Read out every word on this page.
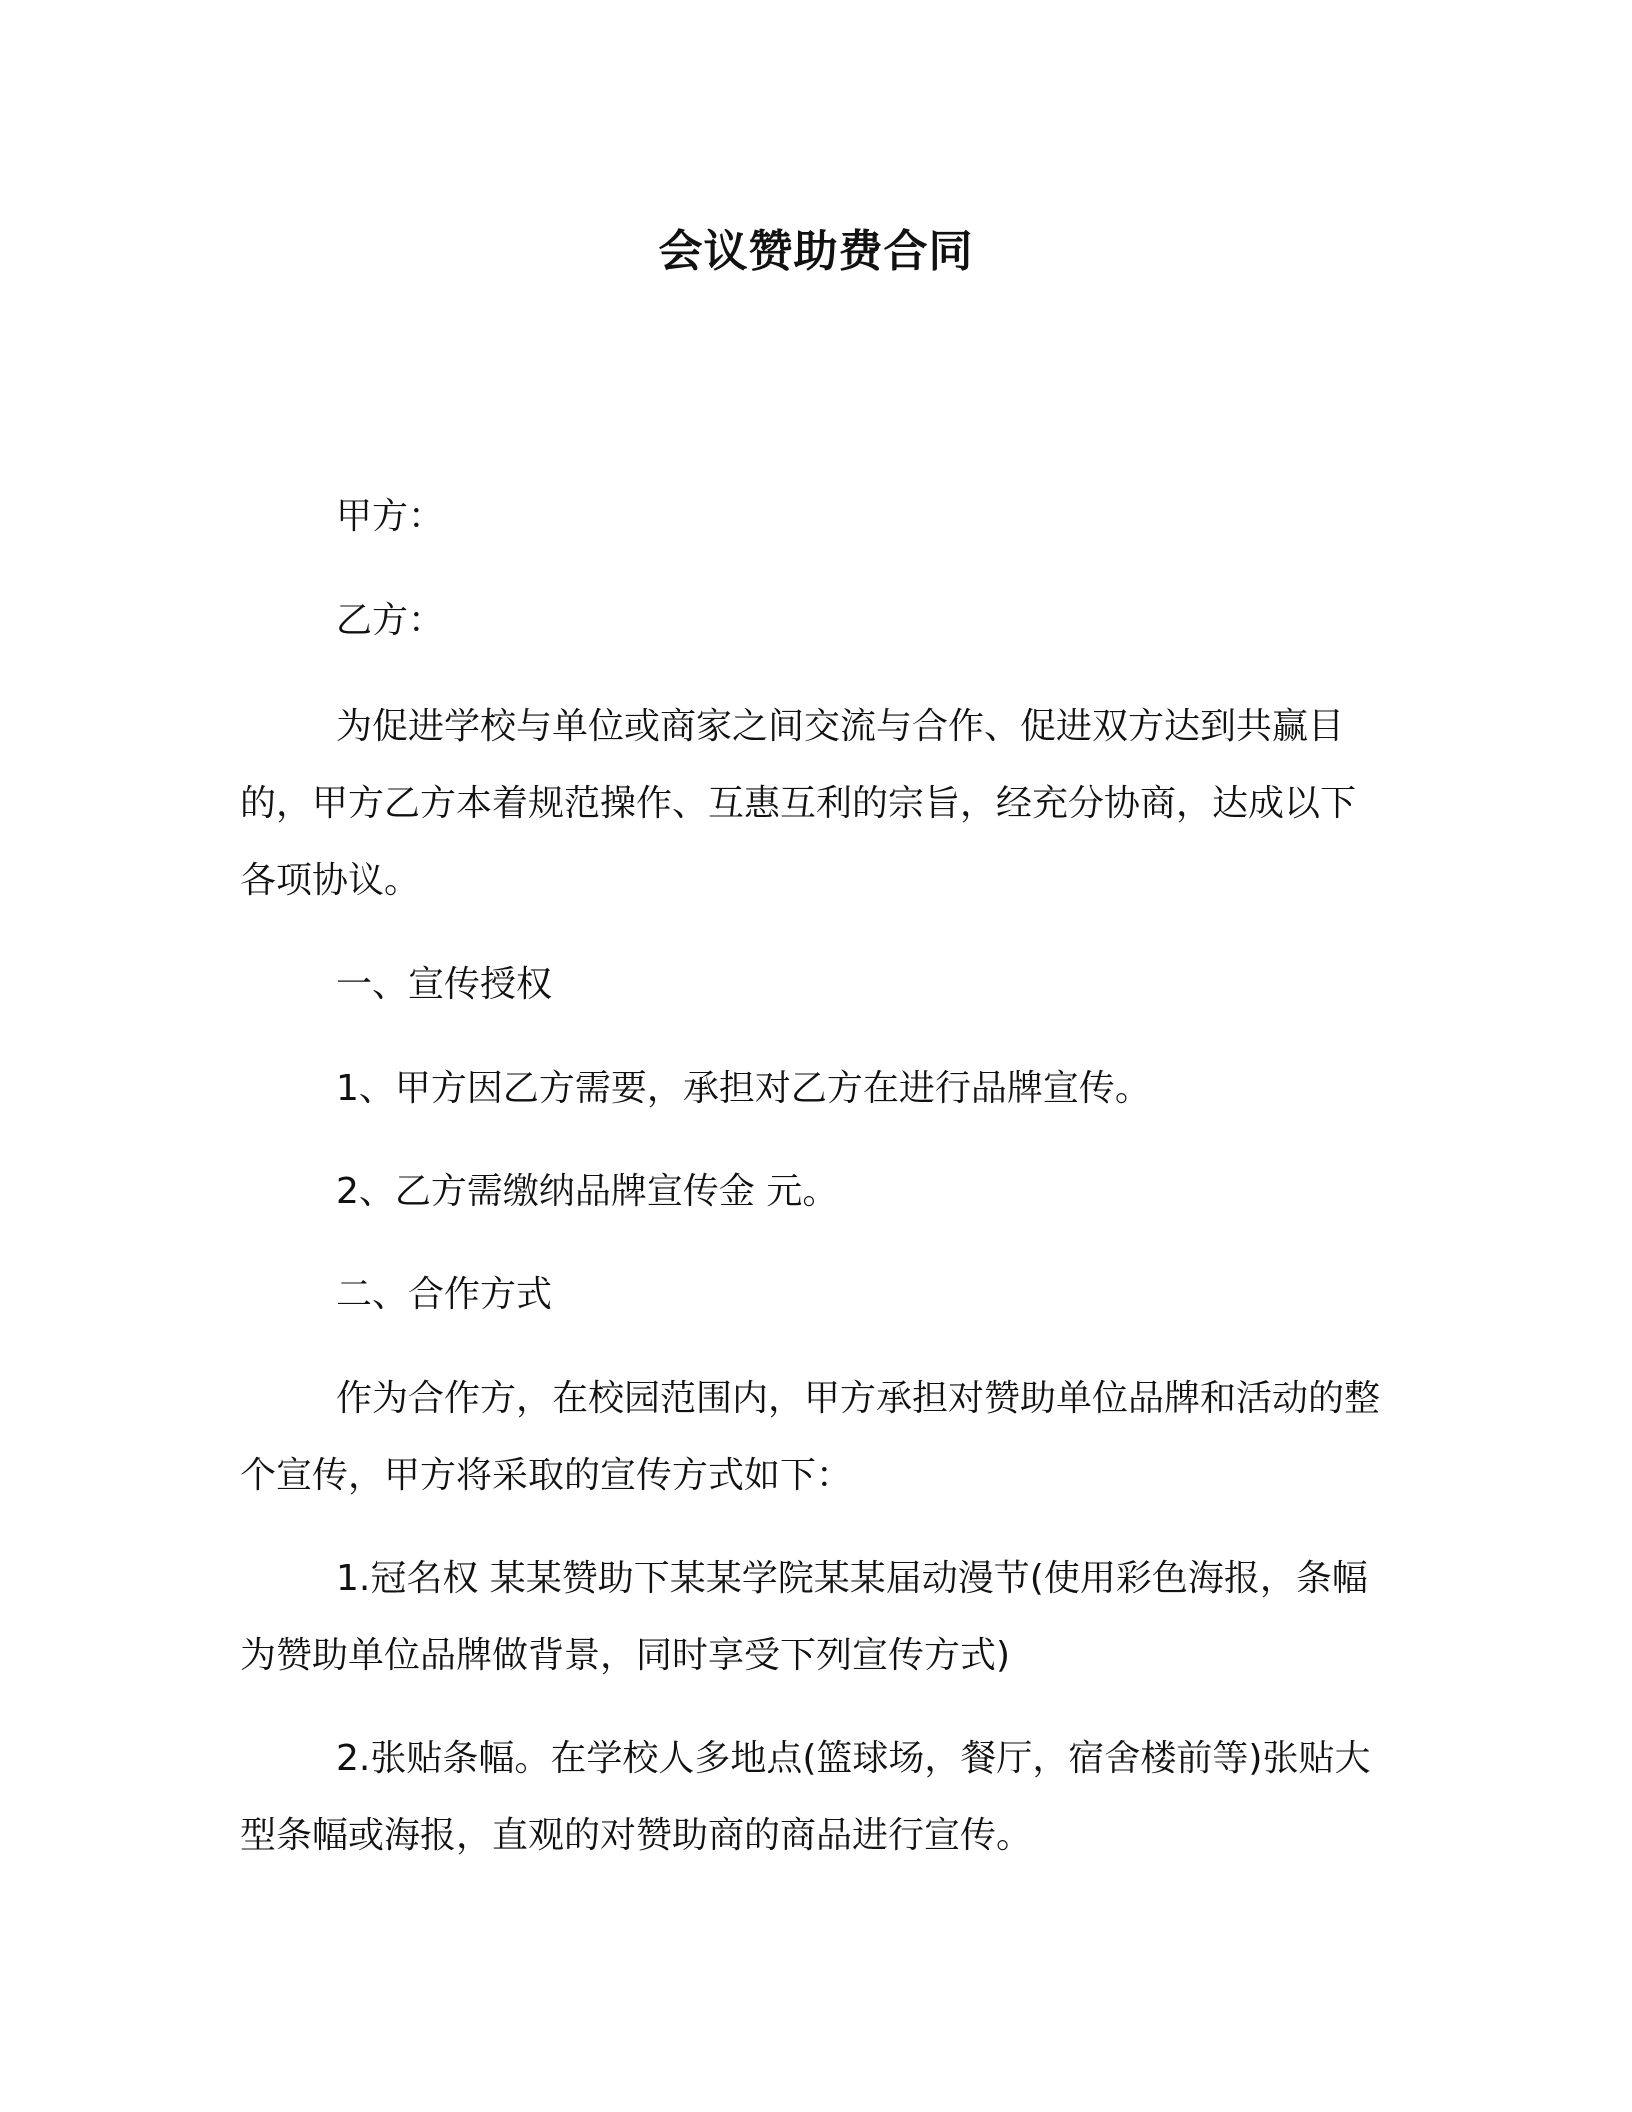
会议赞助费合同

甲方：

乙方：

为促进学校与单位或商家之间交流与合作、促进双方达到共赢目的，甲方乙方本着规范操作、互惠互利的宗旨，经充分协商，达成以下各项协议。

一、宣传授权

1、甲方因乙方需要，承担对乙方在进行品牌宣传。

2、乙方需缴纳品牌宣传金 元。

二、合作方式

作为合作方，在校园范围内，甲方承担对赞助单位品牌和活动的整个宣传，甲方将采取的宣传方式如下：

1.冠名权 某某赞助下某某学院某某届动漫节(使用彩色海报，条幅为赞助单位品牌做背景，同时享受下列宣传方式)

2.张贴条幅。在学校人多地点(篮球场，餐厅，宿舍楼前等)张贴大型条幅或海报，直观的对赞助商的商品进行宣传。
